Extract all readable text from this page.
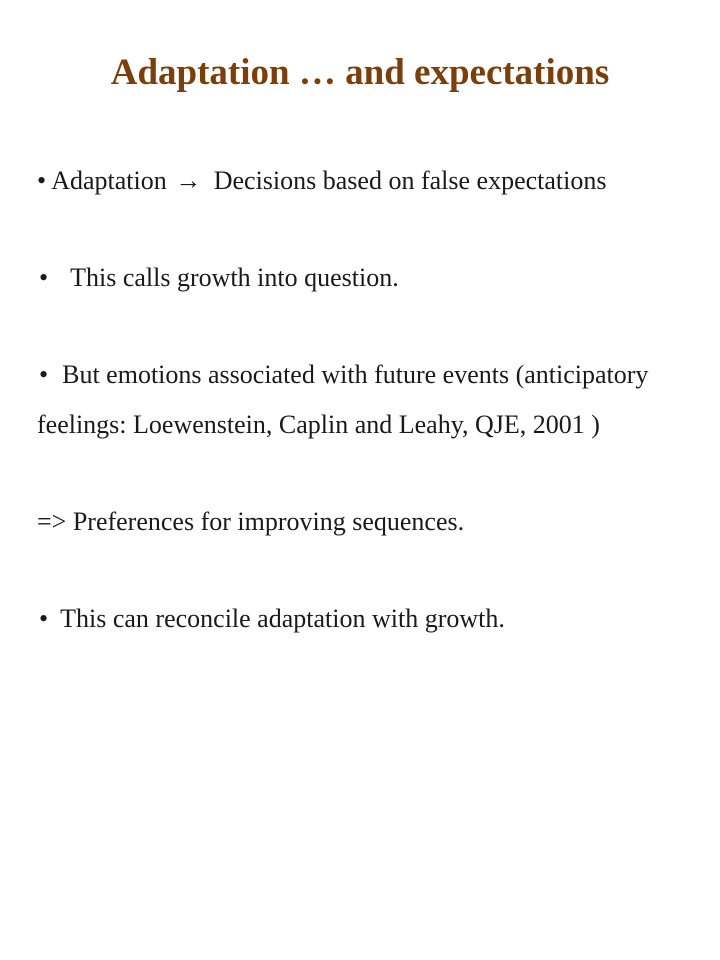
Adaptation … and expectations

• Adaptation → Decisions based on false expectations

• This calls growth into question.

• But emotions associated with future events (anticipatory feelings: Loewenstein, Caplin and Leahy, QJE, 2001 )

=> Preferences for improving sequences.

• This can reconcile adaptation with growth.
